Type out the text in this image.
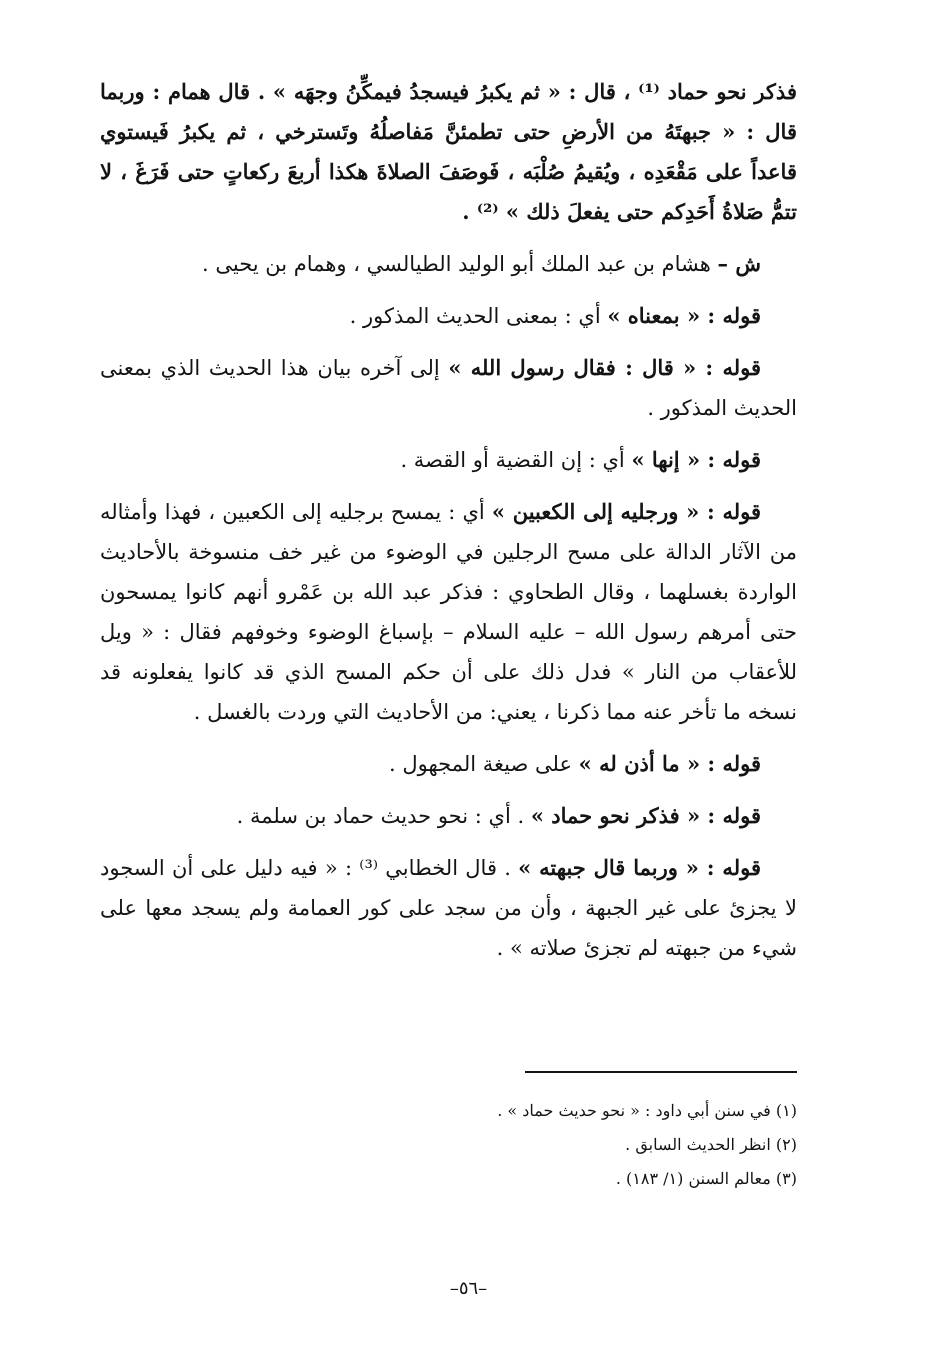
فذكر نحو حماد ⁽¹⁾ ، قال : « ثم يكبرُ فيسجدُ فيمكِّنُ وجهَه » . قال همام : وربما قال : « جبهتَهُ من الأرضِ حتى تطمئنَّ مَفاصلُهُ وتَسترخي ، ثم يكبرُ فَيستوي قاعداً على مَقْعَدِه ، ويُقيمُ صُلْبَه ، فَوصَفَ الصلاةَ هكذا أربعَ ركعاتٍ حتى فَرَغَ ، لا تتمُّ صَلاةُ أَحَدِكم حتى يفعلَ ذلك » ⁽²⁾ .

ش – هشام بن عبد الملك أبو الوليد الطيالسي ، وهمام بن يحيى .

قوله : « بمعناه » أي : بمعنى الحديث المذكور .

قوله : « قال : فقال رسول الله » إلى آخره بيان هذا الحديث الذي بمعنى الحديث المذكور .

قوله : « إنها » أي : إن القضية أو القصة .

قوله : « ورجليه إلى الكعبين » أي : يمسح برجليه إلى الكعبين ، فهذا وأمثاله من الآثار الدالة على مسح الرجلين في الوضوء من غير خف منسوخة بالأحاديث الواردة بغسلهما ، وقال الطحاوي : فذكر عبد الله بن عَمْرو أنهم كانوا يمسحون حتى أمرهم رسول الله – عليه السلام – بإسباغ الوضوء وخوفهم فقال : « ويل للأعقاب من النار » فدل ذلك على أن حكم المسح الذي قد كانوا يفعلونه قد نسخه ما تأخر عنه مما ذكرنا ، يعني: من الأحاديث التي وردت بالغسل .

قوله : « ما أذن له » على صيغة المجهول .

قوله : « فذكر نحو حماد » . أي : نحو حديث حماد بن سلمة .

قوله : « وربما قال جبهته » . قال الخطابي ⁽³⁾ : « فيه دليل على أن السجود لا يجزئ على غير الجبهة ، وأن من سجد على كور العمامة ولم يسجد معها على شيء من جبهته لم تجزئ صلاته » .

(١) في سنن أبي داود : « نحو حديث حماد » .

(٢) انظر الحديث السابق .

(٣) معالم السنن (١/ ١٨٣) .

–٥٦–
